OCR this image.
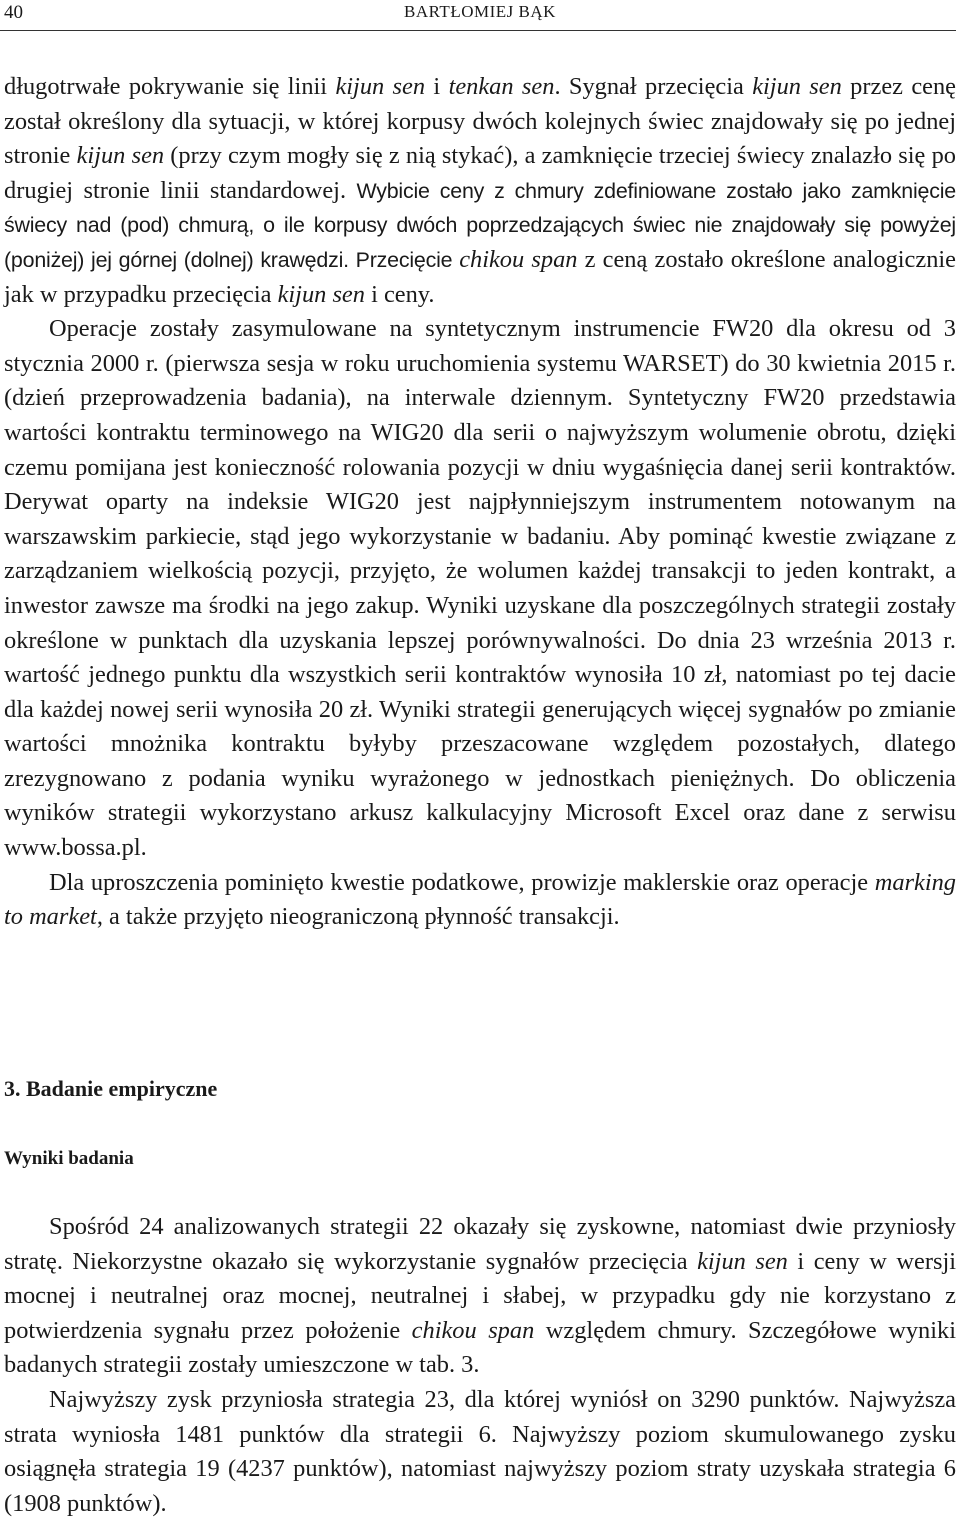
40	BARTŁOMIEJ BĄK

długotrwałe pokrywanie się linii kijun sen i tenkan sen. Sygnał przecięcia kijun sen przez cenę został określony dla sytuacji, w której korpusy dwóch kolejnych świec znajdowały się po jednej stronie kijun sen (przy czym mogły się z nią stykać), a zamknięcie trzeciej świecy znalazło się po drugiej stronie linii standardowej. Wybicie ceny z chmury zdefiniowane zostało jako zamknięcie świecy nad (pod) chmurą, o ile korpusy dwóch poprzedzających świec nie znajdowały się powyżej (poniżej) jej górnej (dolnej) krawędzi. Przecięcie chikou span z ceną zostało określone analogicznie jak w przypadku przecięcia kijun sen i ceny.

Operacje zostały zasymulowane na syntetycznym instrumencie FW20 dla okresu od 3 stycznia 2000 r. (pierwsza sesja w roku uruchomienia systemu WARSET) do 30 kwietnia 2015 r. (dzień przeprowadzenia badania), na interwale dziennym. Syntetyczny FW20 przedstawia wartości kontraktu terminowego na WIG20 dla serii o najwyższym wolumenie obrotu, dzięki czemu pomijana jest konieczność rolowania pozycji w dniu wygaśnięcia danej serii kontraktów. Derywat oparty na indeksie WIG20 jest najpłynniejszym instrumentem notowanym na warszawskim parkiecie, stąd jego wykorzystanie w badaniu. Aby pominąć kwestie związane z zarządzaniem wielkością pozycji, przyjęto, że wolumen każdej transakcji to jeden kontrakt, a inwestor zawsze ma środki na jego zakup. Wyniki uzyskane dla poszczególnych strategii zostały określone w punktach dla uzyskania lepszej porównywalności. Do dnia 23 września 2013 r. wartość jednego punktu dla wszystkich serii kontraktów wynosiła 10 zł, natomiast po tej dacie dla każdej nowej serii wynosiła 20 zł. Wyniki strategii generujących więcej sygnałów po zmianie wartości mnożnika kontraktu byłyby przeszacowane względem pozostałych, dlatego zrezygnowano z podania wyniku wyrażonego w jednostkach pieniężnych. Do obliczenia wyników strategii wykorzystano arkusz kalkulacyjny Microsoft Excel oraz dane z serwisu www.bossa.pl.

Dla uproszczenia pominięto kwestie podatkowe, prowizje maklerskie oraz operacje marking to market, a także przyjęto nieograniczoną płynność transakcji.

3. Badanie empiryczne
Wyniki badania

Spośród 24 analizowanych strategii 22 okazały się zyskowne, natomiast dwie przyniosły stratę. Niekorzystne okazało się wykorzystanie sygnałów przecięcia kijun sen i ceny w wersji mocnej i neutralnej oraz mocnej, neutralnej i słabej, w przypadku gdy nie korzystano z potwierdzenia sygnału przez położenie chikou span względem chmury. Szczegółowe wyniki badanych strategii zostały umieszczone w tab. 3.

Najwyższy zysk przyniosła strategia 23, dla której wyniósł on 3290 punktów. Najwyższa strata wyniosła 1481 punktów dla strategii 6. Najwyższy poziom skumulowanego zysku osiągnęła strategia 19 (4237 punktów), natomiast najwyższy poziom straty uzyskała strategia 6 (1908 punktów).
